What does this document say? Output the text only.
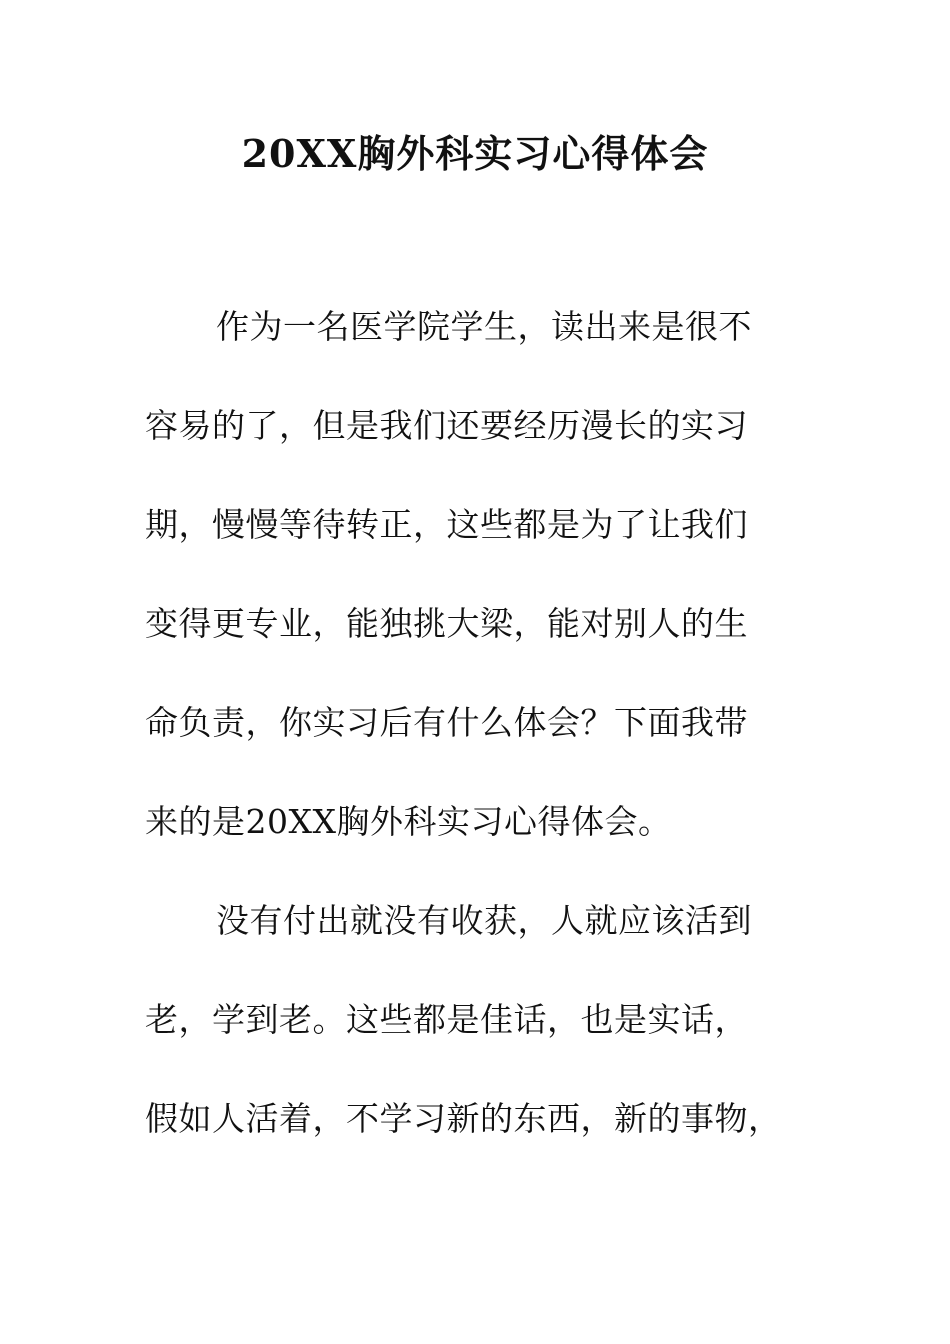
20XX胸外科实习心得体会
作为一名医学院学生，读出来是很不
容易的了，但是我们还要经历漫长的实习
期，慢慢等待转正，这些都是为了让我们
变得更专业，能独挑大梁，能对别人的生
命负责，你实习后有什么体会？下面我带
来的是20XX胸外科实习心得体会。
没有付出就没有收获，人就应该活到
老，学到老。这些都是佳话，也是实话，
假如人活着，不学习新的东西，新的事物，
